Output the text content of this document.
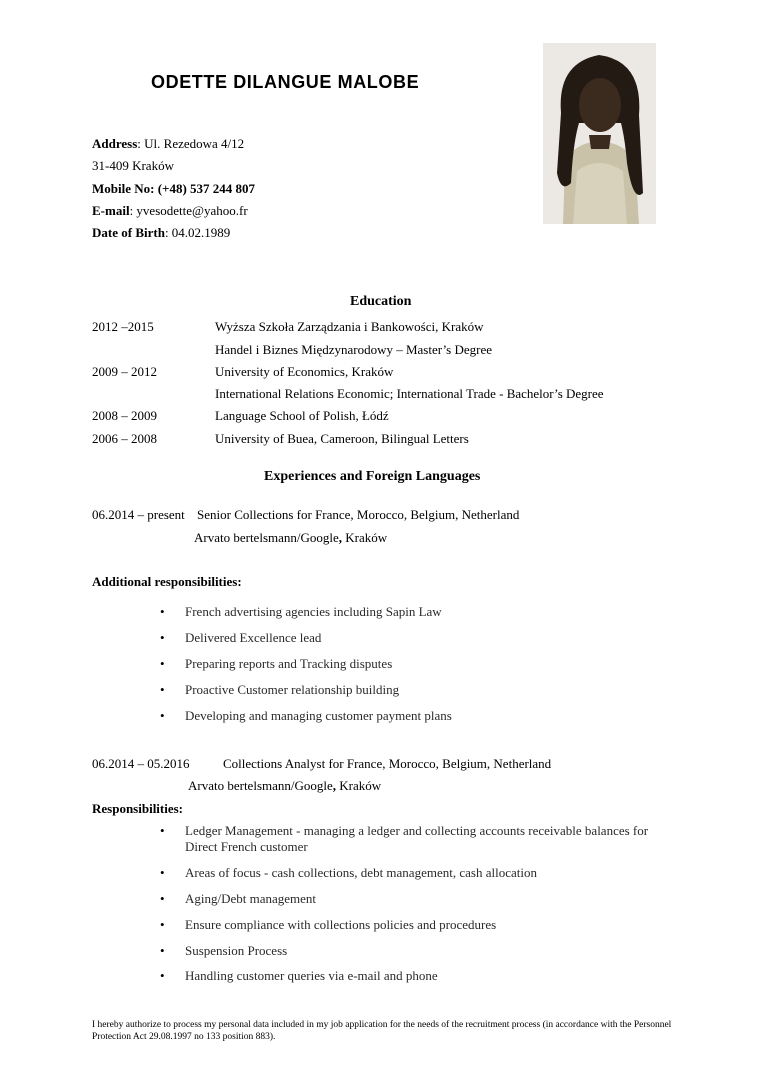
ODETTE DILANGUE MALOBE
Address: Ul. Rezedowa 4/12
31-409 Kraków
Mobile No: (+48) 537 244 807
E-mail: yvesodette@yahoo.fr
Date of Birth: 04.02.1989
Education
2012 –2015	Wyższa Szkoła Zarządzania i Bankowości, Kraków
Handel i Biznes Międzynarodowy – Master’s Degree
2009 – 2012	University of Economics, Kraków
International Relations Economic; International Trade - Bachelor’s Degree
2008 – 2009	Language School of Polish, Łódź
2006 – 2008	University of Buea, Cameroon, Bilingual Letters
Experiences and Foreign Languages
06.2014 – present Senior Collections for France, Morocco, Belgium, Netherland
Arvato bertelsmann/Google, Kraków
Additional responsibilities:
• French advertising agencies including Sapin Law
• Delivered Excellence lead
• Preparing reports and Tracking disputes
• Proactive Customer relationship building
• Developing and managing customer payment plans
06.2014 – 05.2016	Collections Analyst for France, Morocco, Belgium, Netherland
Arvato bertelsmann/Google, Kraków
Responsibilities:
• Ledger Management - managing a ledger and collecting accounts receivable balances for Direct French customer
• Areas of focus - cash collections, debt management, cash allocation
• Aging/Debt management
• Ensure compliance with collections policies and procedures
• Suspension Process
• Handling customer queries via e-mail and phone
I hereby authorize to process my personal data included in my job application for the needs of the recruitment process (in accordance with the Personnel Protection Act 29.08.1997 no 133 position 883).
